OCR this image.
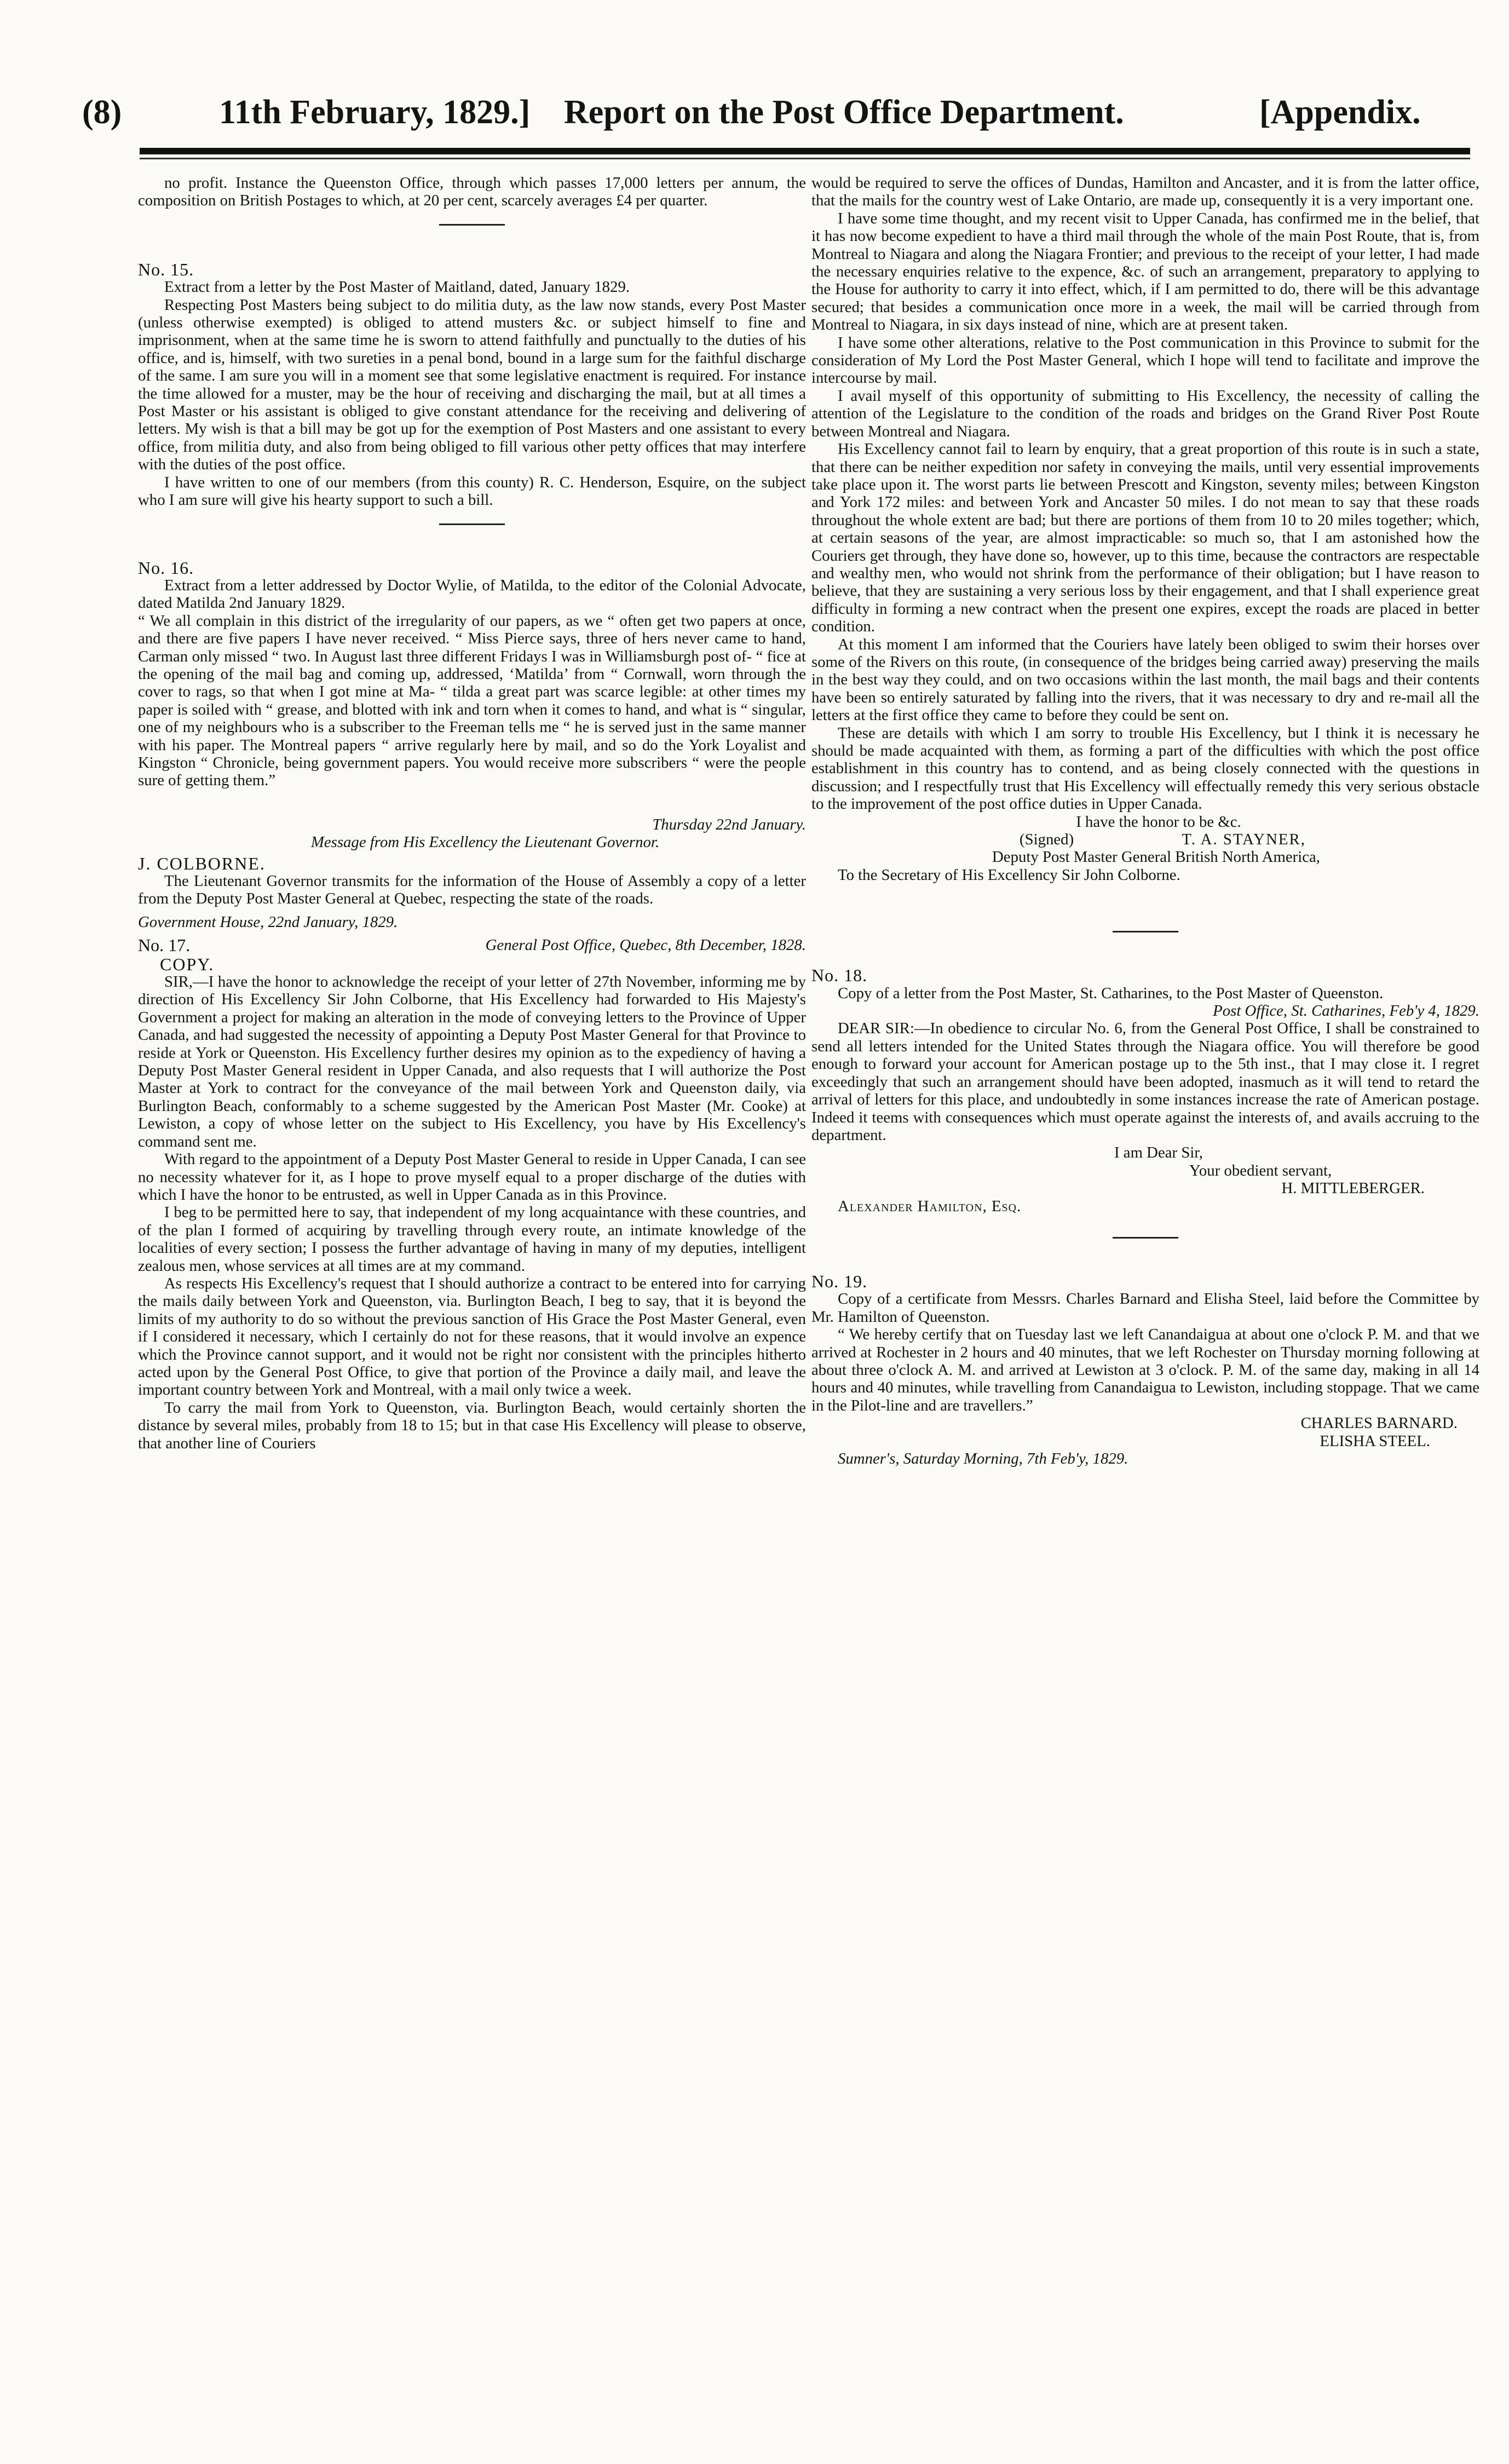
(8)	11th February, 1829.] Report on the Post Office Department.	[Appendix.

no profit. Instance the Queenston Office, through which passes 17,000 letters per annum, the composition on British Postages to which, at 20 per cent, scarcely averages £4 per quarter.

No. 15.

Extract from a letter by the Post Master of Maitland, dated, January 1829.

Respecting Post Masters being subject to do militia duty, as the law now stands, every Post Master (unless otherwise exempted) is obliged to attend musters &c. or subject himself to fine and imprisonment, when at the same time he is sworn to attend faithfully and punctually to the duties of his office, and is, himself, with two sureties in a penal bond, bound in a large sum for the faithful discharge of the same. I am sure you will in a moment see that some legislative enactment is required. For instance the time allowed for a muster, may be the hour of receiving and discharging the mail, but at all times a Post Master or his assistant is obliged to give constant attendance for the receiving and delivering of letters. My wish is that a bill may be got up for the exemption of Post Masters and one assistant to every office, from militia duty, and also from being obliged to fill various other petty offices that may interfere with the duties of the post office.

I have written to one of our members (from this county) R. C. Henderson, Esquire, on the subject who I am sure will give his hearty support to such a bill.

No. 16.

Extract from a letter addressed by Doctor Wylie, of Matilda, to the editor of the Colonial Advocate, dated Matilda 2nd January 1829.

“ We all complain in this district of the irregularity of our papers, as we “ often get two papers at once, and there are five papers I have never received. “ Miss Pierce says, three of hers never came to hand, Carman only missed “ two. In August last three different Fridays I was in Williamsburgh post of- “ fice at the opening of the mail bag and coming up, addressed, ‘Matilda’ from “ Cornwall, worn through the cover to rags, so that when I got mine at Ma- “ tilda a great part was scarce legible: at other times my paper is soiled with “ grease, and blotted with ink and torn when it comes to hand, and what is “ singular, one of my neighbours who is a subscriber to the Freeman tells me “ he is served just in the same manner with his paper. The Montreal papers “ arrive regularly here by mail, and so do the York Loyalist and Kingston “ Chronicle, being government papers. You would receive more subscribers “ were the people sure of getting them.”

Thursday 22nd January.

Message from His Excellency the Lieutenant Governor.

J. COLBORNE.

The Lieutenant Governor transmits for the information of the House of Assembly a copy of a letter from the Deputy Post Master General at Quebec, respecting the state of the roads.

Government House, 22nd January, 1829.

No. 17.	General Post Office, Quebec, 8th December, 1828.

COPY.

SIR,—I have the honor to acknowledge the receipt of your letter of 27th November, informing me by direction of His Excellency Sir John Colborne, that His Excellency had forwarded to His Majesty's Government a project for making an alteration in the mode of conveying letters to the Province of Upper Canada, and had suggested the necessity of appointing a Deputy Post Master General for that Province to reside at York or Queenston. His Excellency further desires my opinion as to the expediency of having a Deputy Post Master General resident in Upper Canada, and also requests that I will authorize the Post Master at York to contract for the conveyance of the mail between York and Queenston daily, via Burlington Beach, conformably to a scheme suggested by the American Post Master (Mr. Cooke) at Lewiston, a copy of whose letter on the subject to His Excellency, you have by His Excellency's command sent me.

With regard to the appointment of a Deputy Post Master General to reside in Upper Canada, I can see no necessity whatever for it, as I hope to prove myself equal to a proper discharge of the duties with which I have the honor to be entrusted, as well in Upper Canada as in this Province.

I beg to be permitted here to say, that independent of my long acquaintance with these countries, and of the plan I formed of acquiring by travelling through every route, an intimate knowledge of the localities of every section; I possess the further advantage of having in many of my deputies, intelligent zealous men, whose services at all times are at my command.

As respects His Excellency's request that I should authorize a contract to be entered into for carrying the mails daily between York and Queenston, via. Burlington Beach, I beg to say, that it is beyond the limits of my authority to do so without the previous sanction of His Grace the Post Master General, even if I considered it necessary, which I certainly do not for these reasons, that it would involve an expence which the Province cannot support, and it would not be right nor consistent with the principles hitherto acted upon by the General Post Office, to give that portion of the Province a daily mail, and leave the important country between York and Montreal, with a mail only twice a week.

To carry the mail from York to Queenston, via. Burlington Beach, would certainly shorten the distance by several miles, probably from 18 to 15; but in that case His Excellency will please to observe, that another line of Couriers

would be required to serve the offices of Dundas, Hamilton and Ancaster, and it is from the latter office, that the mails for the country west of Lake Ontario, are made up, consequently it is a very important one.

I have some time thought, and my recent visit to Upper Canada, has confirmed me in the belief, that it has now become expedient to have a third mail through the whole of the main Post Route, that is, from Montreal to Niagara and along the Niagara Frontier; and previous to the receipt of your letter, I had made the necessary enquiries relative to the expence, &c. of such an arrangement, preparatory to applying to the House for authority to carry it into effect, which, if I am permitted to do, there will be this advantage secured; that besides a communication once more in a week, the mail will be carried through from Montreal to Niagara, in six days instead of nine, which are at present taken.

I have some other alterations, relative to the Post communication in this Province to submit for the consideration of My Lord the Post Master General, which I hope will tend to facilitate and improve the intercourse by mail.

I avail myself of this opportunity of submitting to His Excellency, the necessity of calling the attention of the Legislature to the condition of the roads and bridges on the Grand River Post Route between Montreal and Niagara.

His Excellency cannot fail to learn by enquiry, that a great proportion of this route is in such a state, that there can be neither expedition nor safety in conveying the mails, until very essential improvements take place upon it. The worst parts lie between Prescott and Kingston, seventy miles; between Kingston and York 172 miles: and between York and Ancaster 50 miles. I do not mean to say that these roads throughout the whole extent are bad; but there are portions of them from 10 to 20 miles together; which, at certain seasons of the year, are almost impracticable: so much so, that I am astonished how the Couriers get through, they have done so, however, up to this time, because the contractors are respectable and wealthy men, who would not shrink from the performance of their obligation; but I have reason to believe, that they are sustaining a very serious loss by their engagement, and that I shall experience great difficulty in forming a new contract when the present one expires, except the roads are placed in better condition.

At this moment I am informed that the Couriers have lately been obliged to swim their horses over some of the Rivers on this route, (in consequence of the bridges being carried away) preserving the mails in the best way they could, and on two occasions within the last month, the mail bags and their contents have been so entirely saturated by falling into the rivers, that it was necessary to dry and re-mail all the letters at the first office they came to before they could be sent on.

These are details with which I am sorry to trouble His Excellency, but I think it is necessary he should be made acquainted with them, as forming a part of the difficulties with which the post office establishment in this country has to contend, and as being closely connected with the questions in discussion; and I respectfully trust that His Excellency will effectually remedy this very serious obstacle to the improvement of the post office duties in Upper Canada.

I have the honor to be &c.

(Signed)	T. A. STAYNER,

Deputy Post Master General British North America,

To the Secretary of His Excellency Sir John Colborne.

No. 18.

Copy of a letter from the Post Master, St. Catharines, to the Post Master of Queenston.

Post Office, St. Catharines, Feb'y 4, 1829.

DEAR SIR:—In obedience to circular No. 6, from the General Post Office, I shall be constrained to send all letters intended for the United States through the Niagara office. You will therefore be good enough to forward your account for American postage up to the 5th inst., that I may close it. I regret exceedingly that such an arrangement should have been adopted, inasmuch as it will tend to retard the arrival of letters for this place, and undoubtedly in some instances increase the rate of American postage. Indeed it teems with consequences which must operate against the interests of, and avails accruing to the department.

I am Dear Sir,

Your obedient servant,

H. MITTLEBERGER.

Alexander Hamilton, Esq.

No. 19.

Copy of a certificate from Messrs. Charles Barnard and Elisha Steel, laid before the Committee by Mr. Hamilton of Queenston.

“ We hereby certify that on Tuesday last we left Canandaigua at about one o'clock P. M. and that we arrived at Rochester in 2 hours and 40 minutes, that we left Rochester on Thursday morning following at about three o'clock A. M. and arrived at Lewiston at 3 o'clock. P. M. of the same day, making in all 14 hours and 40 minutes, while travelling from Canandaigua to Lewiston, including stoppage. That we came in the Pilot-line and are travellers.”

CHARLES BARNARD.

ELISHA STEEL.

Sumner's, Saturday Morning, 7th Feb'y, 1829.
